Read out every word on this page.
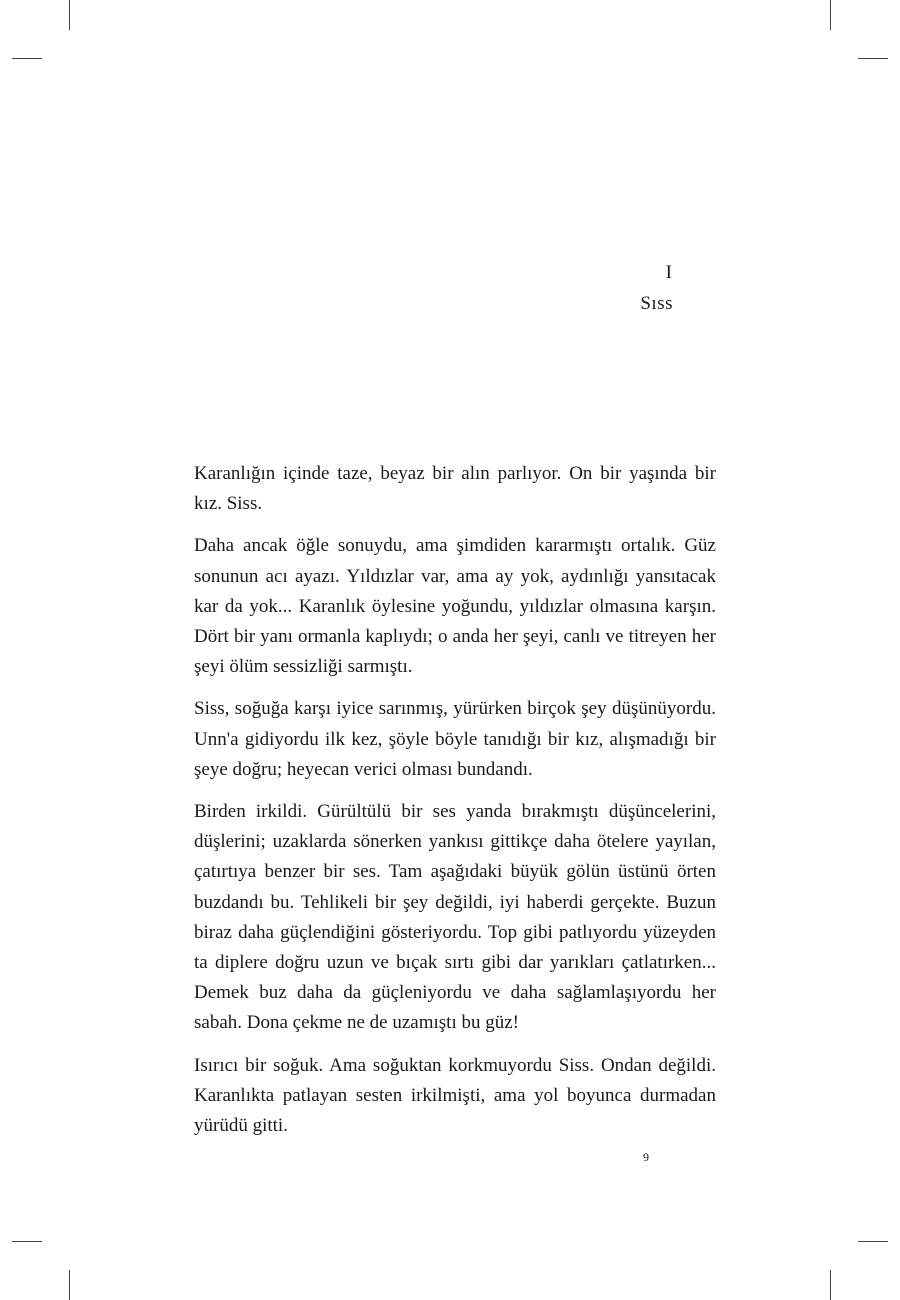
I
Sıss

Karanlığın içinde taze, beyaz bir alın parlıyor. On bir yaşında bir kız. Siss.

Daha ancak öğle sonuydu, ama şimdiden kararmıştı ortalık. Güz sonunun acı ayazı. Yıldızlar var, ama ay yok, aydınlığı yansıtacak kar da yok... Karanlık öylesine yoğundu, yıldızlar olmasına karşın. Dört bir yanı ormanla kaplıydı; o anda her şeyi, canlı ve titreyen her şeyi ölüm sessizliği sarmıştı.

Siss, soğuğa karşı iyice sarınmış, yürürken birçok şey düşünüyordu. Unn'a gidiyordu ilk kez, şöyle böyle tanıdığı bir kız, alışmadığı bir şeye doğru; heyecan verici olması bundandı.

Birden irkildi. Gürültülü bir ses yanda bırakmıştı düşüncelerini, düşlerini; uzaklarda sönerken yankısı gittikçe daha ötelere yayılan, çatırtıya benzer bir ses. Tam aşağıdaki büyük gölün üstünü örten buzdandı bu. Tehlikeli bir şey değildi, iyi haberdi gerçekte. Buzun biraz daha güçlendiğini gösteriyordu. Top gibi patlıyordu yüzeyden ta diplere doğru uzun ve bıçak sırtı gibi dar yarıkları çatlatırken... Demek buz daha da güçleniyordu ve daha sağlamlaşıyordu her sabah. Dona çekme ne de uzamıştı bu güz!

Isırıcı bir soğuk. Ama soğuktan korkmuyordu Siss. Ondan değildi. Karanlıkta patlayan sesten irkilmişti, ama yol boyunca durmadan yürüdü gitti.

9
